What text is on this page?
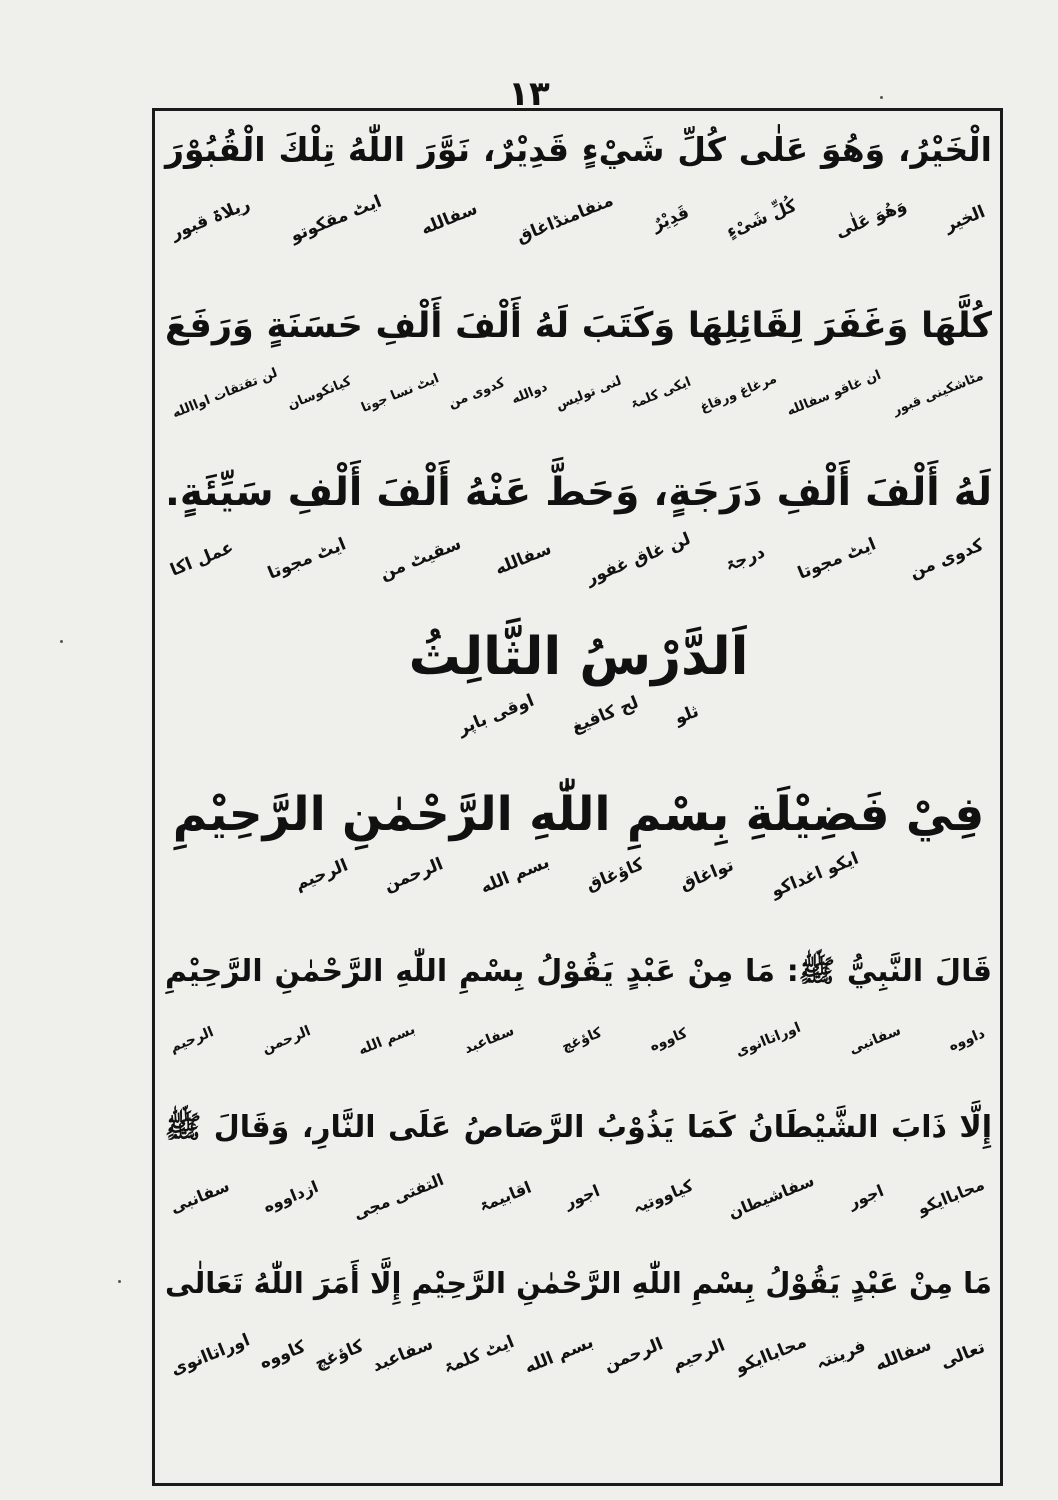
١٣
الْخَيْرُ، وَهُوَ عَلٰى كُلِّ شَيْءٍ قَدِيْرٌ، نَوَّرَ اللّٰهُ تِلْكَ الْقُبُوْرَ
الخیر
وَهُوَ عَلٰى
کُلِّ شَیْءٍ
قَدِیْرٌ
منفامنڈاغاق
سفالله
ایٹ مقکوتو
ریلاۃ قبور
كُلَّهَا وَغَفَرَ لِقَائِلِهَا وَكَتَبَ لَهُ أَلْفَ أَلْفِ حَسَنَةٍ وَرَفَعَ
مٹاشکینی قبور
ان غاقو سفالله
مرغاغ ورقاغ
ایکی کلمۃ
لنی تولیس
دوالله
کدوی من
ایٹ نسا جوتا
کیانکوسان
لن تقتقات اواالله
لَهُ أَلْفَ أَلْفِ دَرَجَةٍ، وَحَطَّ عَنْهُ أَلْفَ أَلْفِ سَيِّئَةٍ.
کدوی من
ایٹ مجوتا
درجۃ
لن غاق غفور
سفالله
سقیٹ من
ایٹ مجوتا
عمل اکا
اَلدَّرْسُ الثَّالِثُ
ثلو
لح کافیغ
اوقی باپر
فِيْ فَضِيْلَةِ بِسْمِ اللّٰهِ الرَّحْمٰنِ الرَّحِيْمِ
ایکو اغداکو
تواغاق
کاؤغاق
بسم الله
الرحمن
الرحیم
قَالَ النَّبِيُّ ﷺ: مَا مِنْ عَبْدٍ يَقُوْلُ بِسْمِ اللّٰهِ الرَّحْمٰنِ الرَّحِيْمِ
داووه
سفانبی
اوراتاانوی
کاووه
کاؤغچ
سفاعبد
بسم الله
الرحمن
الرحیم
إِلَّا ذَابَ الشَّيْطَانُ كَمَا يَذُوْبُ الرَّصَاصُ عَلَى النَّارِ، وَقَالَ ﷺ
محاباایکو
اجور
سفاشیطان
کیاووتیہ
اجور
اقابیمۃ
التفتی مجی
ازداووه
سفانبی
مَا مِنْ عَبْدٍ يَقُوْلُ بِسْمِ اللّٰهِ الرَّحْمٰنِ الرَّحِيْمِ إِلَّا أَمَرَ اللّٰهُ تَعَالٰى
تعالی
سفالله
فرینتہ
محاباایکو
الرحیم
الرحمن
بسم الله
ایٹ کلمۃ
سفاعبد
کاؤغچ
کاووه
اوراتاانوی
